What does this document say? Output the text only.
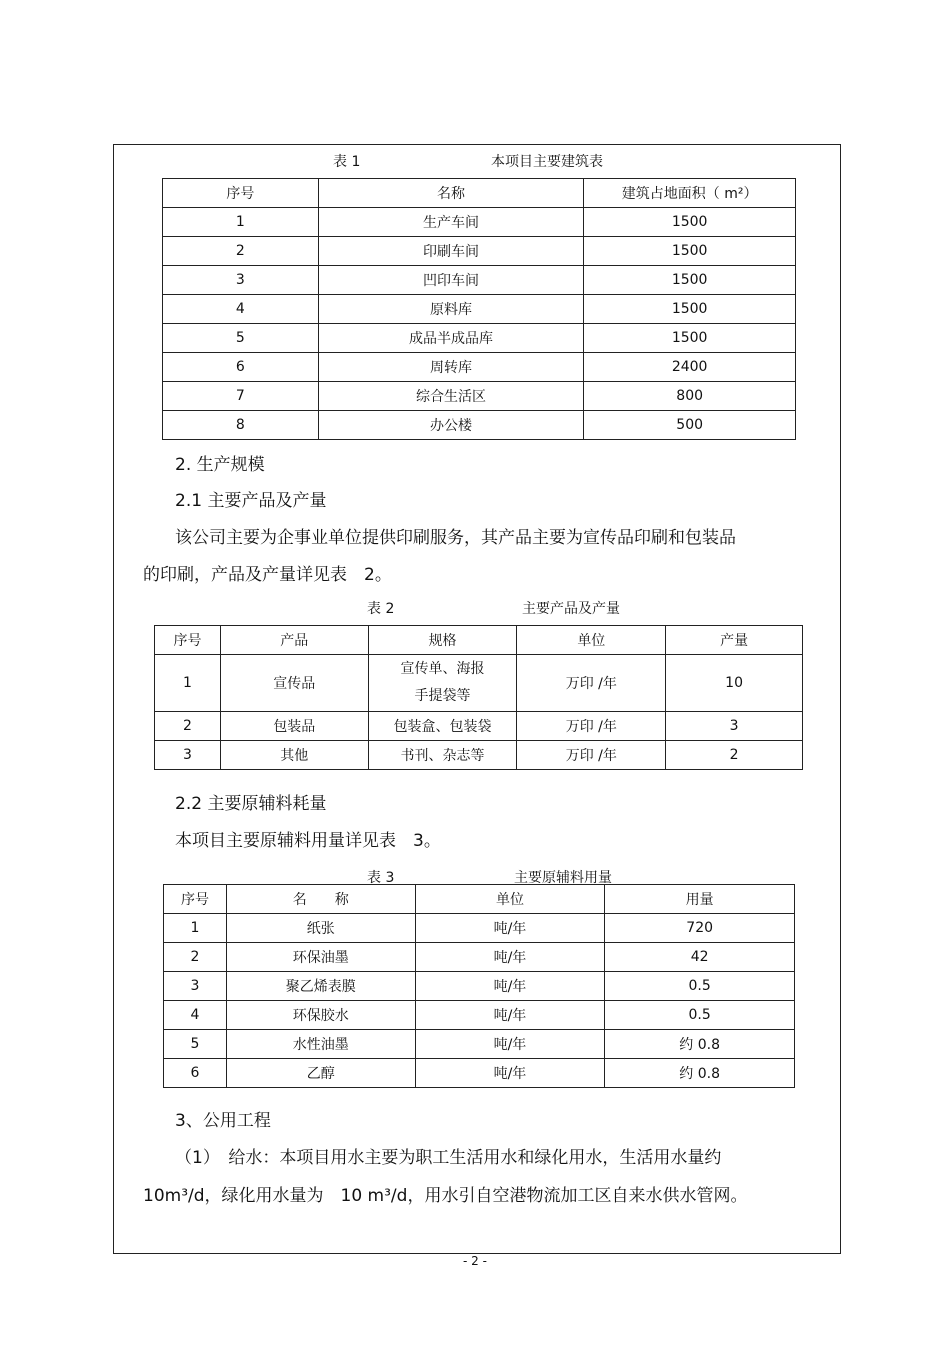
表 1	本项目主要建筑表
序号	名称	建筑占地面积（ m²）
1	生产车间	1500
2	印刷车间	1500
3	凹印车间	1500
4	原料库	1500
5	成品半成品库	1500
6	周转库	2400
7	综合生活区	800
8	办公楼	500
2. 生产规模
2.1 主要产品及产量
该公司主要为企事业单位提供印刷服务，其产品主要为宣传品印刷和包装品
的印刷，产品及产量详见表　2。
表 2	主要产品及产量
序号	产品	规格	单位	产量
1	宣传品	宣传单、海报
手提袋等	万印 /年	10
2	包装品	包装盒、包装袋	万印 /年	3
3	其他	书刊、杂志等	万印 /年	2
2.2 主要原辅料耗量
本项目主要原辅料用量详见表　3。
表 3	主要原辅料用量
序号	名　　称	单位	用量
1	纸张	吨/年	720
2	环保油墨	吨/年	42
3	聚乙烯表膜	吨/年	0.5
4	环保胶水	吨/年	0.5
5	水性油墨	吨/年	约 0.8
6	乙醇	吨/年	约 0.8
3、公用工程
（1）　给水：本项目用水主要为职工生活用水和绿化用水，生活用水量约
10m³/d，绿化用水量为　10 m³/d，用水引自空港物流加工区自来水供水管网。
- 2 -
